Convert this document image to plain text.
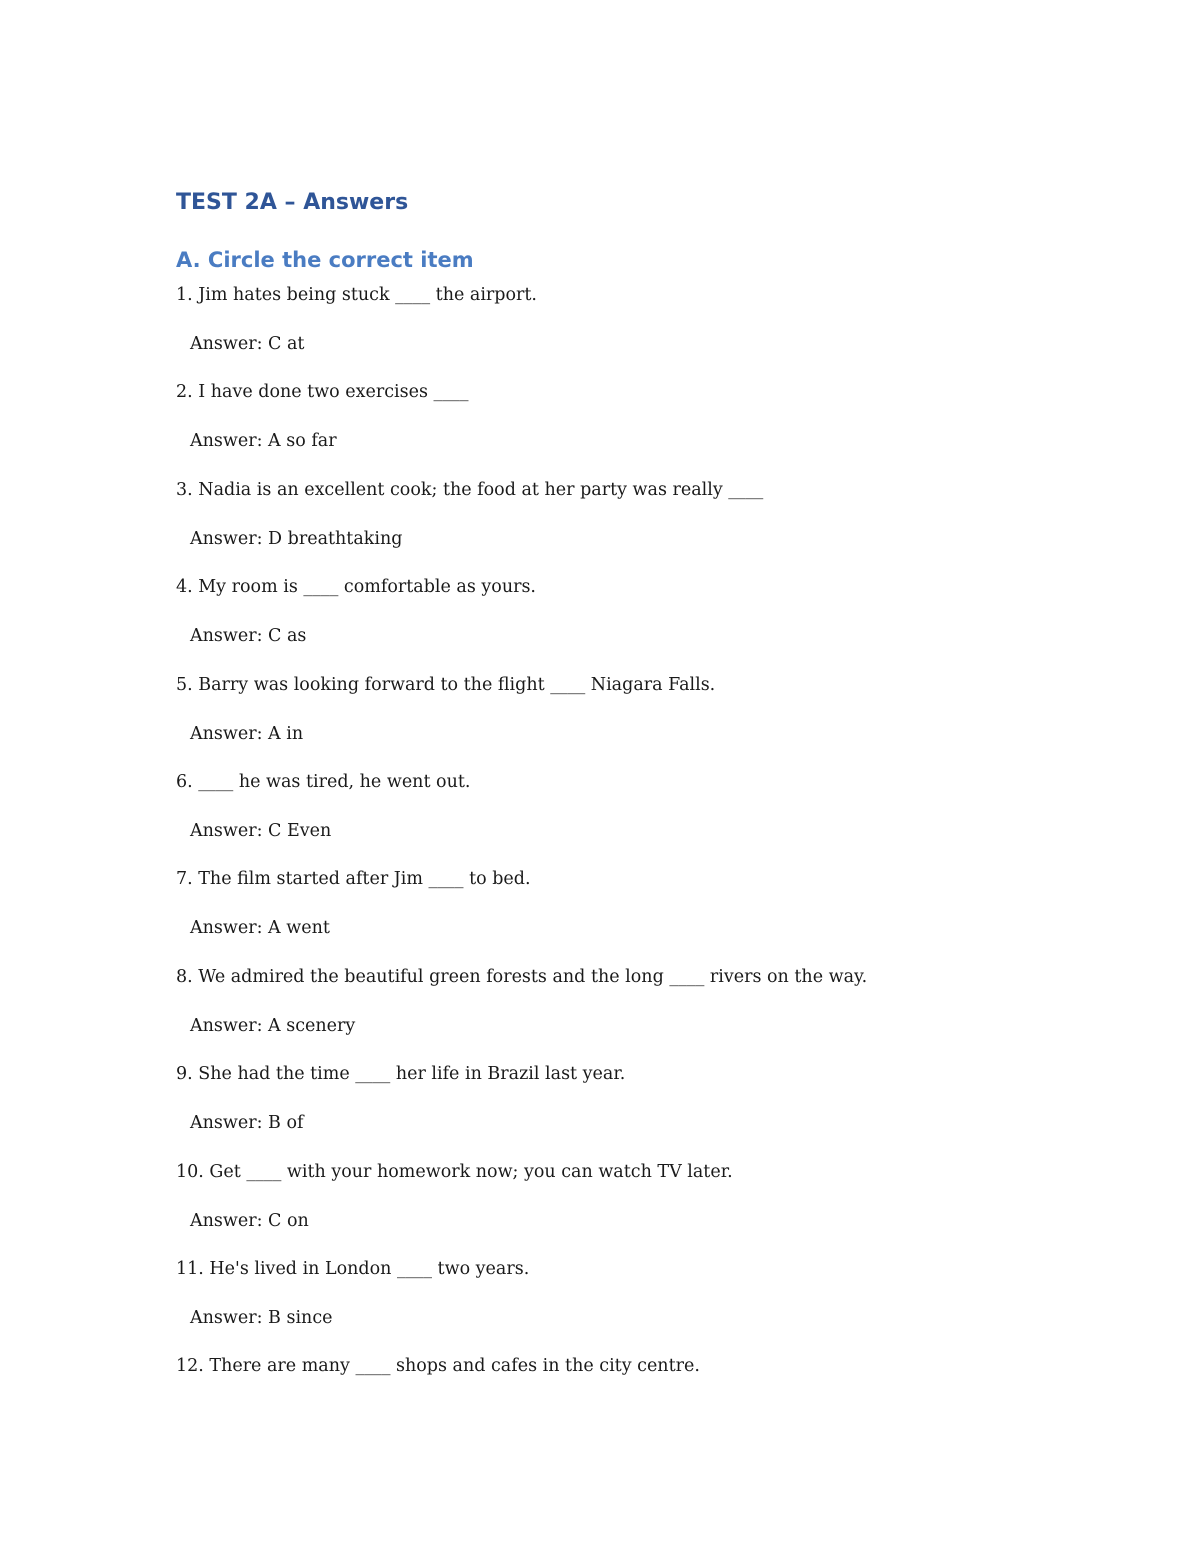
TEST 2A – Answers
A. Circle the correct item
1. Jim hates being stuck ____ the airport.
Answer: C at
2. I have done two exercises ____
Answer: A so far
3. Nadia is an excellent cook; the food at her party was really ____
Answer: D breathtaking
4. My room is ____ comfortable as yours.
Answer: C as
5. Barry was looking forward to the flight ____ Niagara Falls.
Answer: A in
6. ____ he was tired, he went out.
Answer: C Even
7. The film started after Jim ____ to bed.
Answer: A went
8. We admired the beautiful green forests and the long ____ rivers on the way.
Answer: A scenery
9. She had the time ____ her life in Brazil last year.
Answer: B of
10. Get ____ with your homework now; you can watch TV later.
Answer: C on
11. He's lived in London ____ two years.
Answer: B since
12. There are many ____ shops and cafes in the city centre.
